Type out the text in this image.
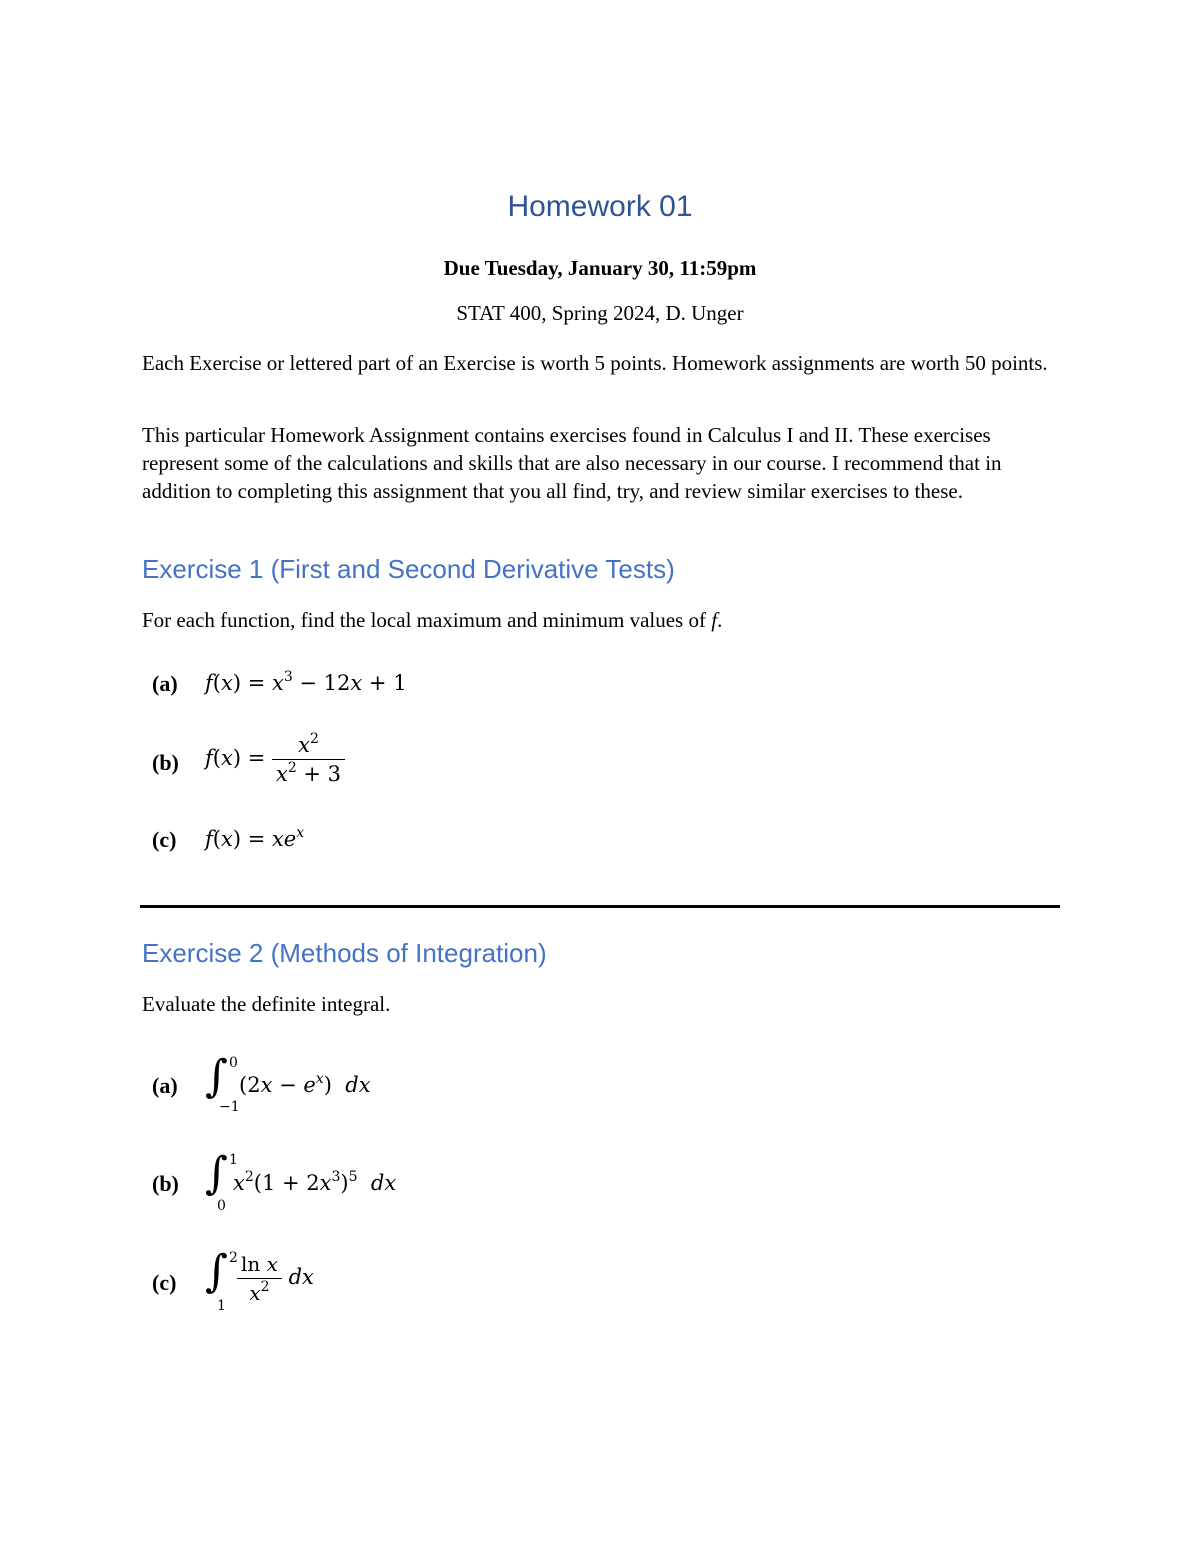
Homework 01

Due Tuesday, January 30, 11:59pm

STAT 400, Spring 2024, D. Unger

Each Exercise or lettered part of an Exercise is worth 5 points. Homework assignments are worth 50 points.

This particular Homework Assignment contains exercises found in Calculus I and II. These exercises represent some of the calculations and skills that are also necessary in our course. I recommend that in addition to completing this assignment that you all find, try, and review similar exercises to these.

Exercise 1 (First and Second Derivative Tests)

For each function, find the local maximum and minimum values of f.

(a) $f(x) = x^3 - 12x + 1$

(b) $f(x) = \frac{x^2}{x^2 + 3}$

(c) $f(x) = xe^x$
Exercise 2 (Methods of Integration)

Evaluate the definite integral.

(a) ∫ 0
−1
$(2x - e^x)$  dx

(b) ∫ 1
0
$x^2(1 + 2x^3)^5$ dx

(c) ∫ 2
1
$\frac{\text{ln x}}{x^2}$ dx
